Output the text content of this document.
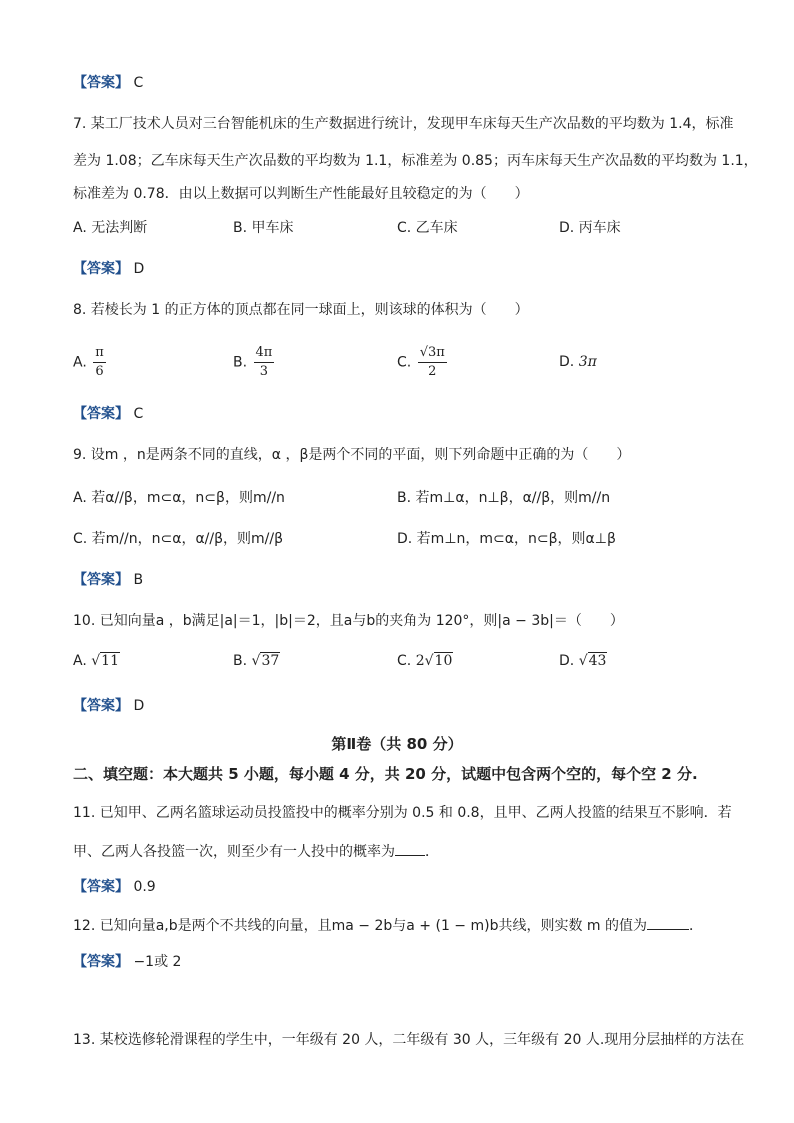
【答案】 C
7. 某工厂技术人员对三台智能机床的生产数据进行统计，发现甲车床每天生产次品数的平均数为 1.4，标准
差为 1.08；乙车床每天生产次品数的平均数为 1.1，标准差为 0.85；丙车床每天生产次品数的平均数为 1.1，
标准差为 0.78．由以上数据可以判断生产性能最好且较稳定的为（　　）
A. 无法判断	B. 甲车床	C. 乙车床	D. 丙车床
【答案】 D
8. 若棱长为 1 的正方体的顶点都在同一球面上，则该球的体积为（　　）
A. $\frac{\pi}{6}$	B. $\frac{4\pi}{3}$	C. $\frac{√3\pi}{2}$	D. 3π
【答案】 C
9. 设m ，n是两条不同的直线，α ，β是两个不同的平面，则下列命题中正确的为（　　）
A. 若α//β，m⊂α，n⊂β，则m//n	B. 若m⊥α，n⊥β，α//β，则m//n
C. 若m//n，n⊂α，α//β，则m//β	D. 若m⊥n，m⊂α，n⊂β，则α⊥β
【答案】 B
10. 已知向量a ，b满足|a|＝1，|b|＝2，且a与b的夹角为 120°，则|a − 3b|＝（　　）
A. √11	B. √37	C. 2√10	D. √43
【答案】 D
第Ⅱ卷（共 80 分）
二、填空题：本大题共 5 小题，每小题 4 分，共 20 分，试题中包含两个空的，每个空 2 分.
11. 已知甲、乙两名篮球运动员投篮投中的概率分别为 0.5 和 0.8，且甲、乙两人投篮的结果互不影响．若
甲、乙两人各投篮一次，则至少有一人投中的概率为 ．
【答案】 0.9
12. 已知向量a,b是两个不共线的向量，且ma − 2b与a + (1 − m)b共线，则实数 m 的值为	．
【答案】 −1或 2
13. 某校选修轮滑课程的学生中，一年级有 20 人，二年级有 30 人，三年级有 20 人.现用分层抽样的方法在
